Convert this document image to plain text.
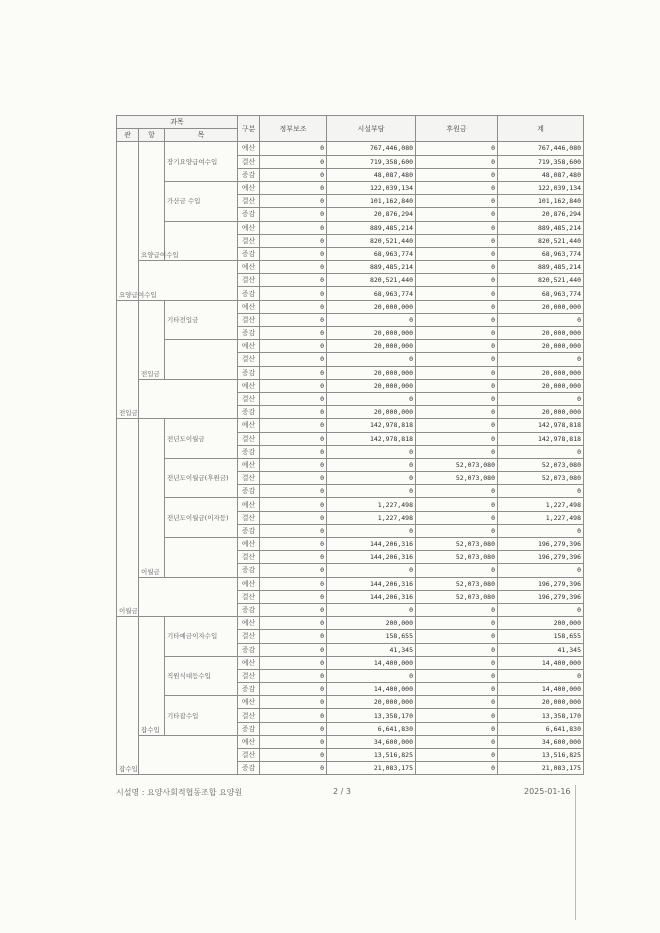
과목			구분	정부보조	시설부담	후원금	계
관	항	목					
요양급여수입	요양급여수입	장기요양급여수입	예산	0	767,446,080	0	767,446,080
			결산	0	719,358,600	0	719,358,600
			증감	0	48,087,480	0	48,087,480
		가산금 수입	예산	0	122,039,134	0	122,039,134
			결산	0	101,162,840	0	101,162,840
			증감	0	20,876,294	0	20,876,294
			예산	0	889,485,214	0	889,485,214
			결산	0	820,521,440	0	820,521,440
			증감	0	68,963,774	0	68,963,774
			예산	0	889,485,214	0	889,485,214
			결산	0	820,521,440	0	820,521,440
			증감	0	68,963,774	0	68,963,774
전입금	전입금	기타전입금	예산	0	20,000,000	0	20,000,000
			결산	0	0	0	0
			증감	0	20,000,000	0	20,000,000
			예산	0	20,000,000	0	20,000,000
			결산	0	0	0	0
			증감	0	20,000,000	0	20,000,000
			예산	0	20,000,000	0	20,000,000
			결산	0	0	0	0
			증감	0	20,000,000	0	20,000,000
이월금	이월금	전년도이월금	예산	0	142,978,818	0	142,978,818
			결산	0	142,978,818	0	142,978,818
			증감	0	0	0	0
		전년도이월금(후원금)	예산	0	0	52,073,080	52,073,080
			결산	0	0	52,073,080	52,073,080
			증감	0	0	0	0
		전년도이월금(이자등)	예산	0	1,227,498	0	1,227,498
			결산	0	1,227,498	0	1,227,498
			증감	0	0	0	0
			예산	0	144,206,316	52,073,080	196,279,396
			결산	0	144,206,316	52,073,080	196,279,396
			증감	0	0	0	0
			예산	0	144,206,316	52,073,080	196,279,396
			결산	0	144,206,316	52,073,080	196,279,396
			증감	0	0	0	0
잡수입	잡수입	기타예금이자수입	예산	0	200,000	0	200,000
			결산	0	158,655	0	158,655
			증감	0	41,345	0	41,345
		직원식대등수입	예산	0	14,400,000	0	14,400,000
			결산	0	0	0	0
			증감	0	14,400,000	0	14,400,000
		기타잡수입	예산	0	20,000,000	0	20,000,000
			결산	0	13,358,170	0	13,358,170
			증감	0	6,641,830	0	6,641,830
			예산	0	34,600,000	0	34,600,000
			결산	0	13,516,825	0	13,516,825
			증감	0	21,083,175	0	21,083,175
시설명 : 요양사회적협동조합 요양원	2 / 3	2025-01-16
